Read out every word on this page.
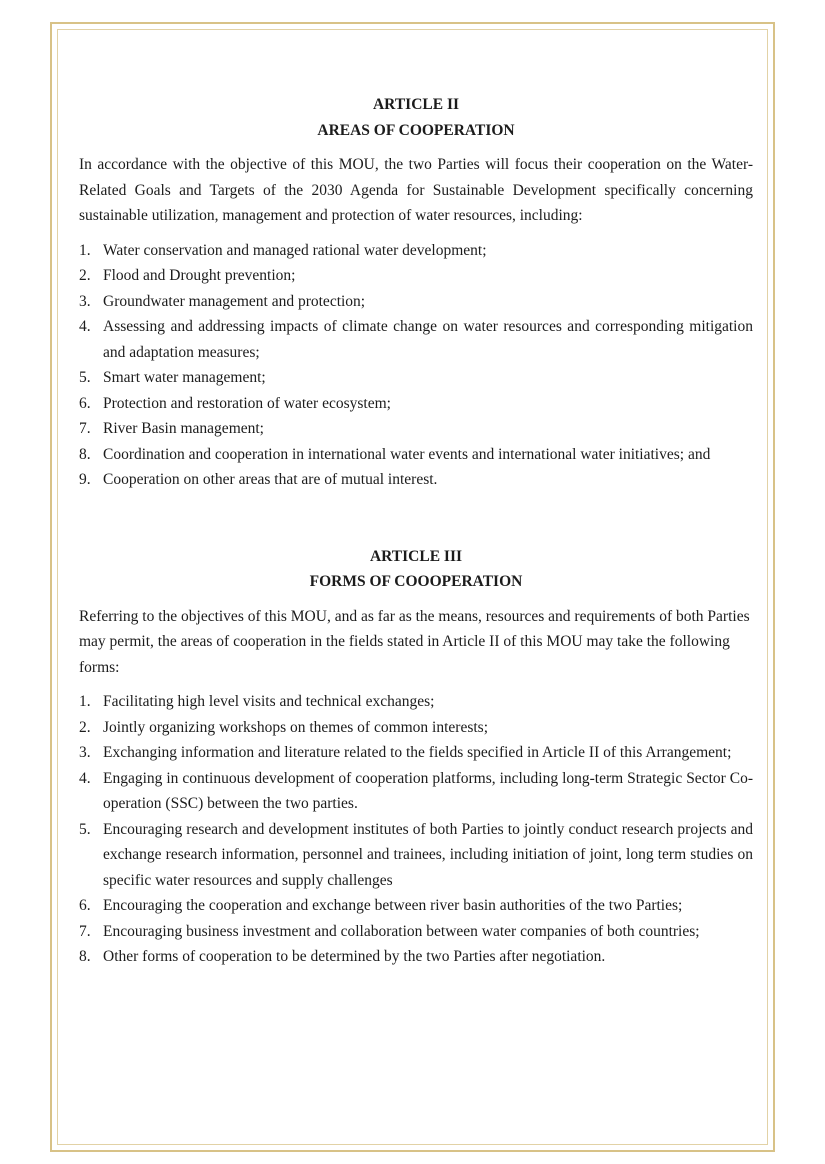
ARTICLE II
AREAS OF COOPERATION

In accordance with the objective of this MOU, the two Parties will focus their cooperation on the Water-Related Goals and Targets of the 2030 Agenda for Sustainable Development specifically concerning sustainable utilization, management and protection of water resources, including:

1. Water conservation and managed rational water development;
2. Flood and Drought prevention;
3. Groundwater management and protection;
4. Assessing and addressing impacts of climate change on water resources and corresponding mitigation and adaptation measures;
5. Smart water management;
6. Protection and restoration of water ecosystem;
7. River Basin management;
8. Coordination and cooperation in international water events and international water initiatives; and
9. Cooperation on other areas that are of mutual interest.
ARTICLE III
FORMS OF COOOPERATION

Referring to the objectives of this MOU, and as far as the means, resources and requirements of both Parties may permit, the areas of cooperation in the fields stated in Article II of this MOU may take the following forms:

1. Facilitating high level visits and technical exchanges;
2. Jointly organizing workshops on themes of common interests;
3. Exchanging information and literature related to the fields specified in Article II of this Arrangement;
4. Engaging in continuous development of cooperation platforms, including long-term Strategic Sector Co-operation (SSC) between the two parties.
5. Encouraging research and development institutes of both Parties to jointly conduct research projects and exchange research information, personnel and trainees, including initiation of joint, long term studies on specific water resources and supply challenges
6. Encouraging the cooperation and exchange between river basin authorities of the two Parties;
7. Encouraging business investment and collaboration between water companies of both countries;
8. Other forms of cooperation to be determined by the two Parties after negotiation.
